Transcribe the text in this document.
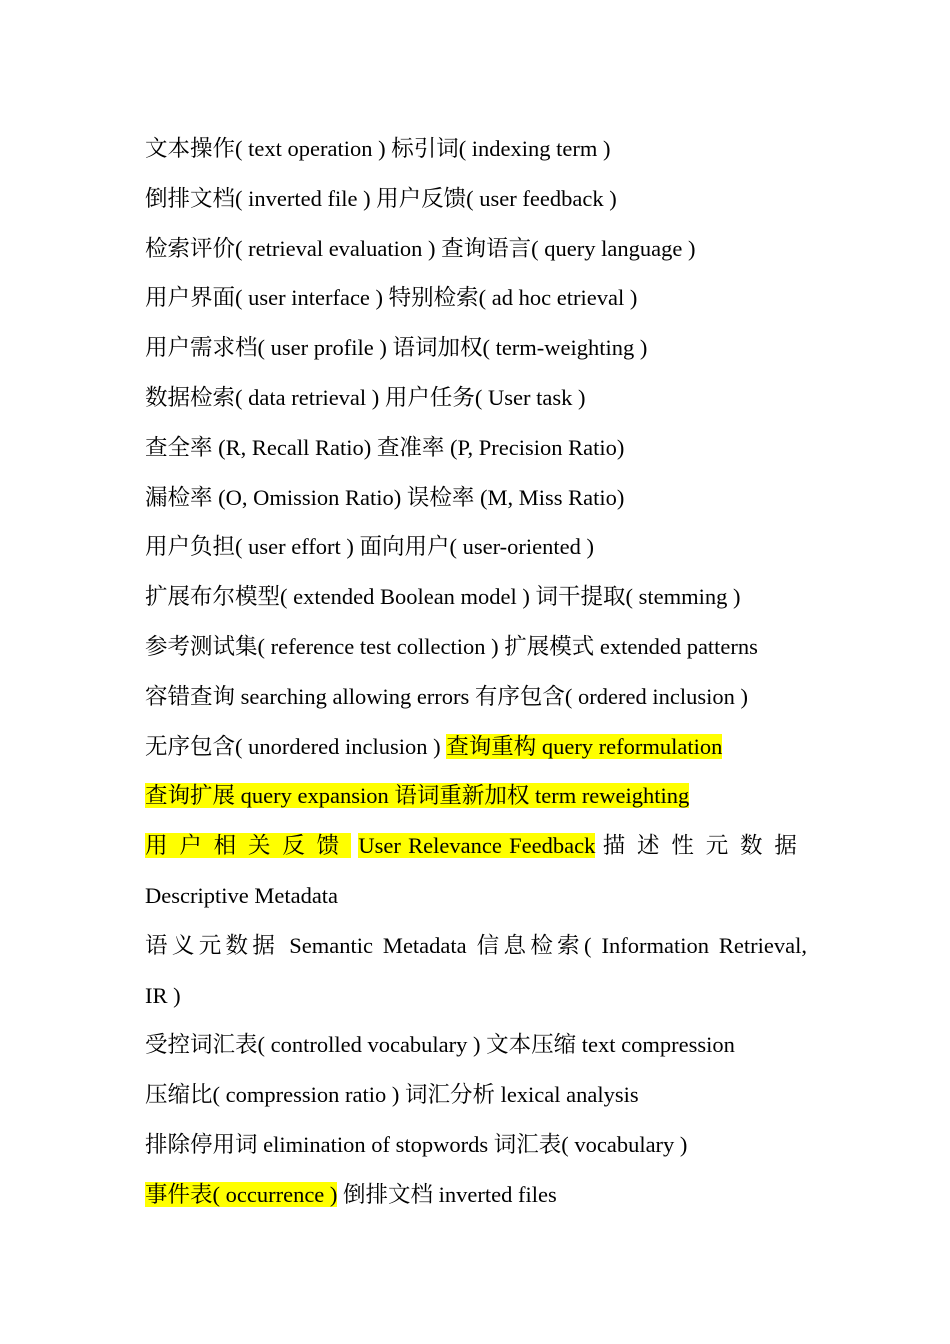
文本操作( text operation ) 标引词( indexing term )
倒排文档( inverted file ) 用户反馈( user feedback )
检索评价( retrieval evaluation ) 查询语言( query language )
用户界面( user interface ) 特别检索( ad hoc etrieval )
用户需求档( user profile ) 语词加权( term-weighting )
数据检索( data retrieval ) 用户任务( User task )
查全率 (R, Recall Ratio) 查准率 (P, Precision Ratio)
漏检率 (O, Omission Ratio) 误检率 (M, Miss Ratio)
用户负担( user effort ) 面向用户( user-oriented )
扩展布尔模型( extended Boolean model ) 词干提取( stemming )
参考测试集( reference test collection ) 扩展模式 extended patterns
容错查询 searching allowing errors 有序包含( ordered inclusion )
无序包含( unordered inclusion ) 查询重构 query reformulation
查询扩展 query expansion 语词重新加权 term reweighting
用户相关反馈 User Relevance Feedback 描述性元数据
Descriptive Metadata
语义元数据 Semantic Metadata 信息检索( Information Retrieval,
IR )
受控词汇表( controlled vocabulary ) 文本压缩 text compression
压缩比( compression ratio ) 词汇分析 lexical analysis
排除停用词 elimination of stopwords 词汇表( vocabulary )
事件表( occurrence ) 倒排文档 inverted files
